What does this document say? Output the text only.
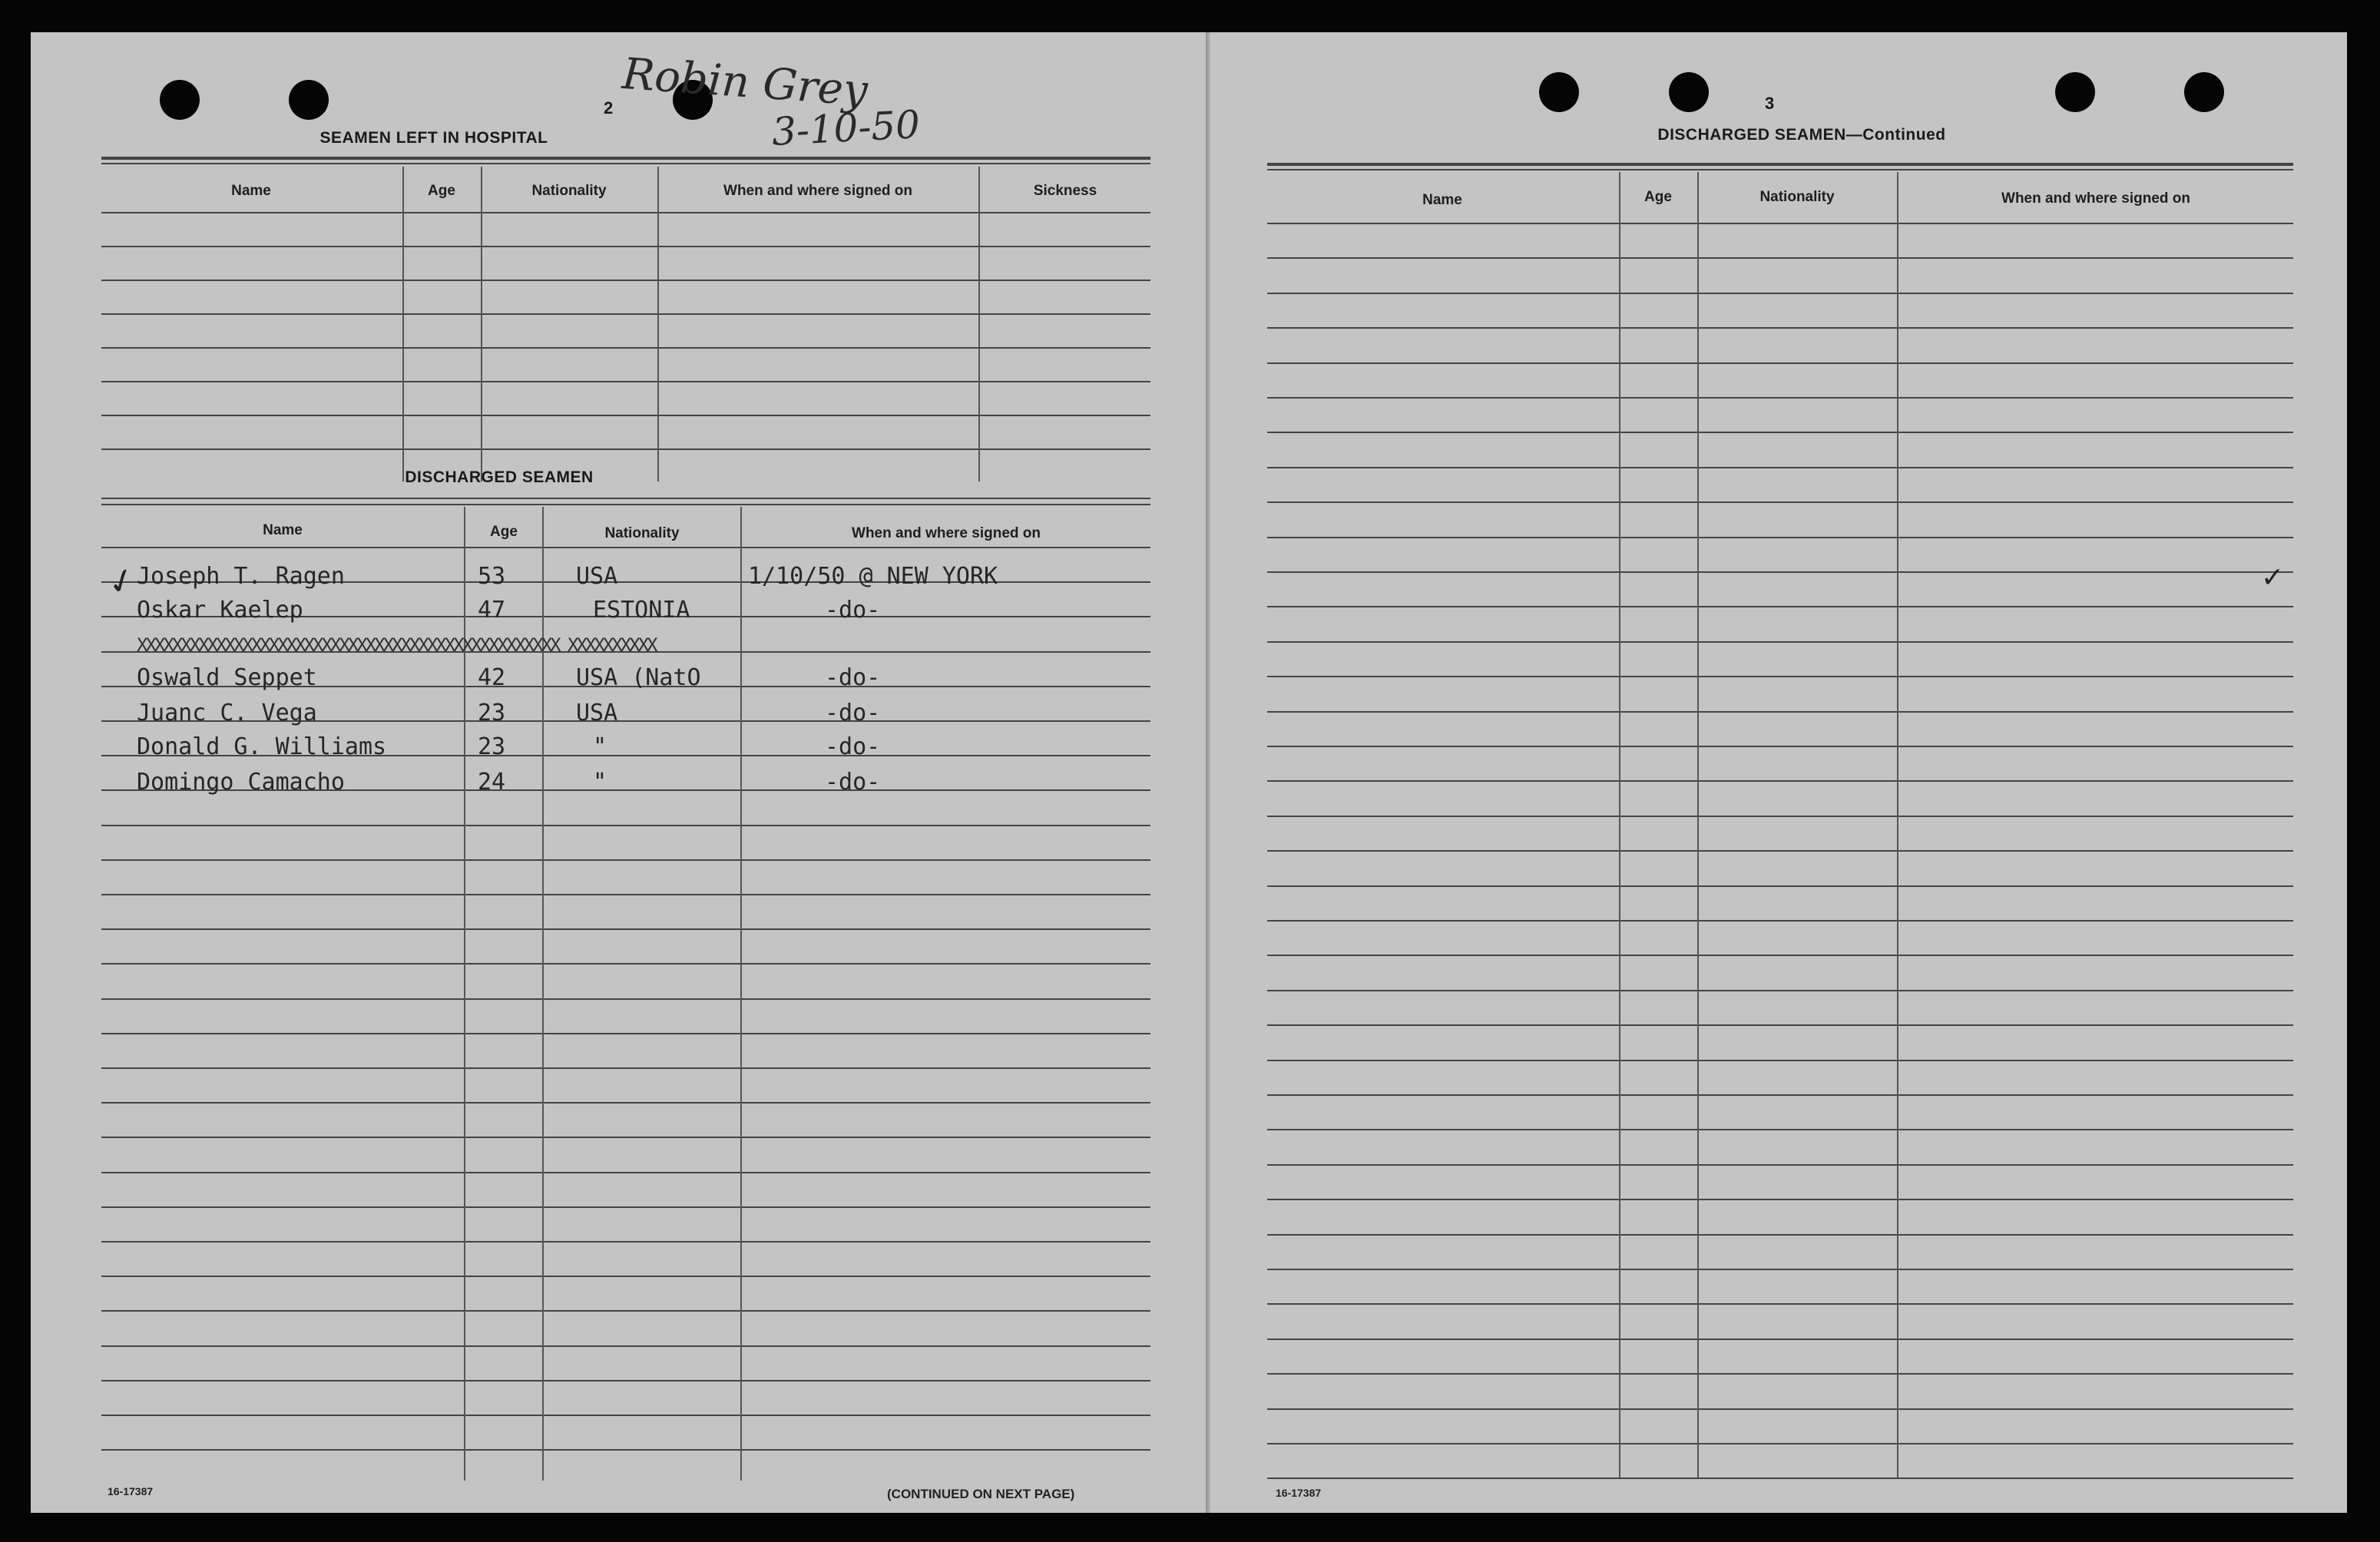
Robin Grey
3-10-50
2
SEAMEN LEFT IN HOSPITAL
Name	Age	Nationality	When and where signed on	Sickness
DISCHARGED SEAMEN
Name	Age	Nationality	When and where signed on
✓
Joseph T. Ragen	53	USA	1/10/50 @ NEW YORK
Oskar Kaelep	47	ESTONIA	-do-
Oswald Seppet	42	USA (NatO	-do-
Juanc C. Vega	23	USA	-do-
Donald G. Williams	23	"	-do-
Domingo Camacho	24	"	-do-
XXXXXXXXXXXXXXXXXXXXXXXXXXXXXXXXXXXXXXXXXXXXXXXX XXXXXXXXXX
16-17387	(CONTINUED ON NEXT PAGE)
3
DISCHARGED SEAMEN—Continued
Name	Age	Nationality	When and where signed on
✓
16-17387
